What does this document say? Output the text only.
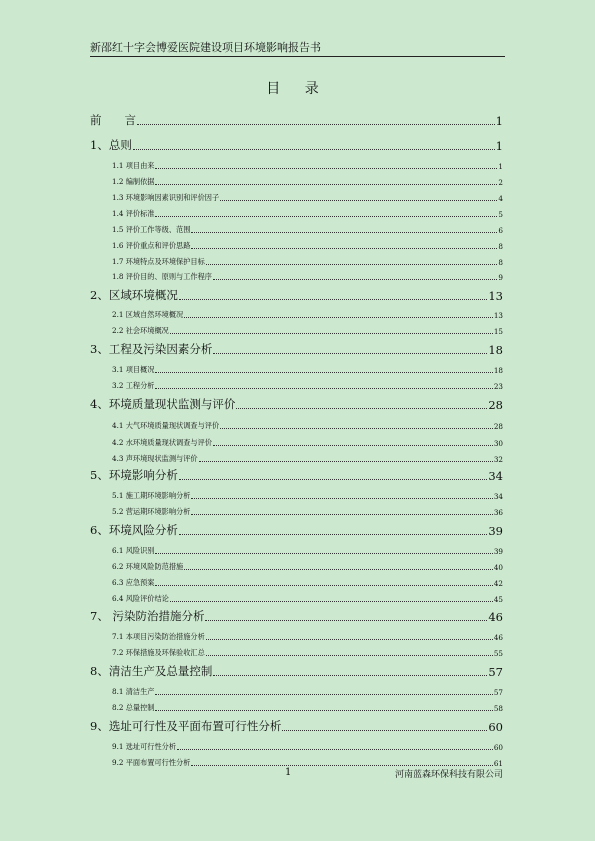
新邵红十字会博爱医院建设项目环境影响报告书
目 录
前　　言	1
1、总则	1
1.1 项目由来	1
1.2 编制依据	2
1.3 环境影响因素识别和评价因子	4
1.4 评价标准	5
1.5 评价工作等级、范围	6
1.6 评价重点和评价思路	8
1.7 环境特点及环境保护目标	8
1.8 评价目的、原则与工作程序	9
2、区域环境概况	13
2.1 区域自然环境概况	13
2.2 社会环境概况	15
3、工程及污染因素分析	18
3.1 项目概况	18
3.2 工程分析	23
4、环境质量现状监测与评价	28
4.1 大气环境质量现状调查与评价	28
4.2 水环境质量现状调查与评价	30
4.3 声环境现状监测与评价	32
5、环境影响分析	34
5.1 施工期环境影响分析	34
5.2 营运期环境影响分析	36
6、环境风险分析	39
6.1 风险识别	39
6.2 环境风险防范措施	40
6.3 应急预案	42
6.4 风险评价结论	45
7、 污染防治措施分析	46
7.1 本项目污染防治措施分析	46
7.2 环保措施及环保验收汇总	55
8、清洁生产及总量控制	57
8.1 清洁生产	57
8.2 总量控制	58
9、选址可行性及平面布置可行性分析	60
9.1 选址可行性分析	60
9.2 平面布置可行性分析	61
1	河南蓝森环保科技有限公司
